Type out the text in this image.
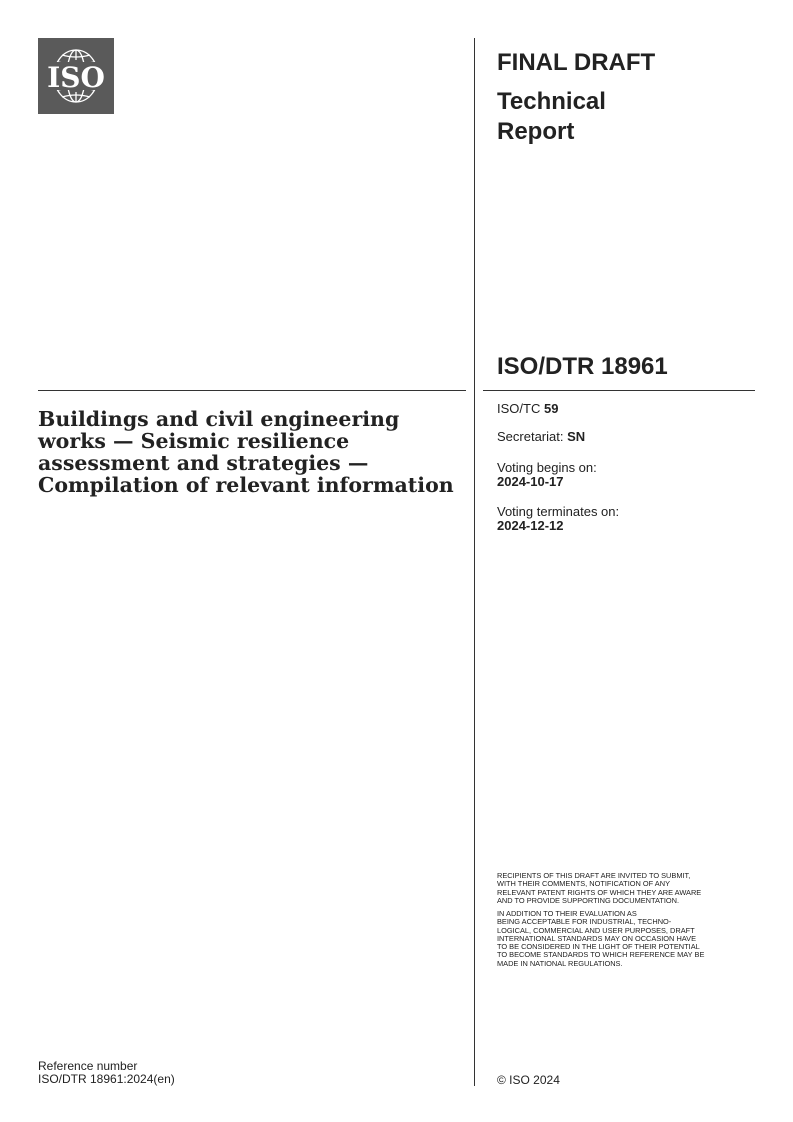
ISO	FINAL DRAFT
Technical Report
ISO/DTR 18961
Buildings and civil engineering works — Seismic resilience assessment and strategies — Compilation of relevant information
ISO/TC 59
Secretariat: SN
Voting begins on:
2024-10-17
Voting terminates on:
2024-12-12

RECIPIENTS OF THIS DRAFT ARE INVITED TO SUBMIT,
WITH THEIR COMMENTS, NOTIFICATION OF ANY
RELEVANT PATENT RIGHTS OF WHICH THEY ARE AWARE
AND TO PROVIDE SUPPORTING DOCUMENTATION.

IN ADDITION TO THEIR EVALUATION AS
BEING ACCEPTABLE FOR INDUSTRIAL, TECHNO-
LOGICAL, COMMERCIAL AND USER PURPOSES, DRAFT
INTERNATIONAL STANDARDS MAY ON OCCASION HAVE
TO BE CONSIDERED IN THE LIGHT OF THEIR POTENTIAL
TO BECOME STANDARDS TO WHICH REFERENCE MAY BE
MADE IN NATIONAL REGULATIONS.

Reference number
ISO/DTR 18961:2024(en)	© ISO 2024
